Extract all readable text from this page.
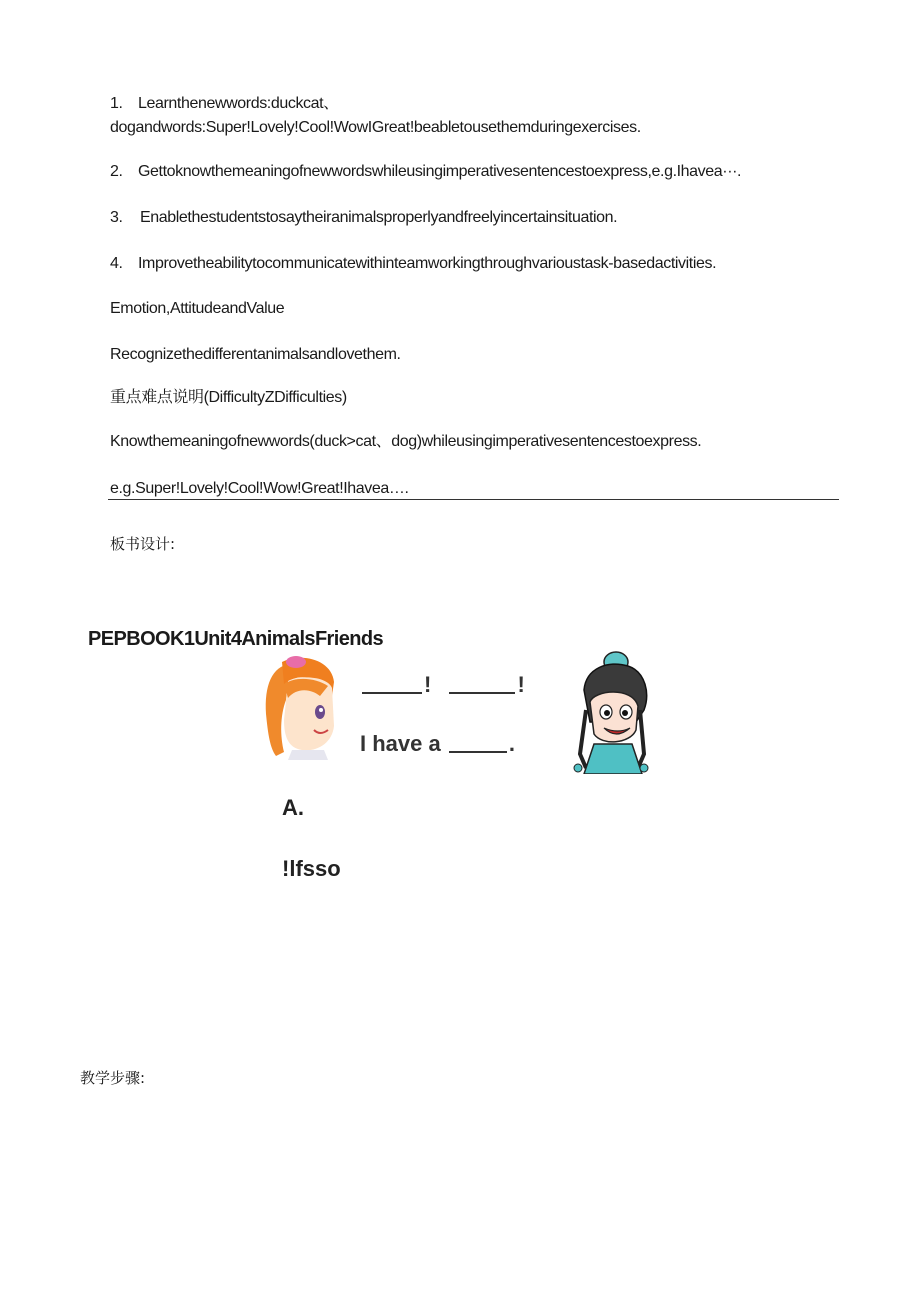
1. Learnthenewwords:duckcat、
dogandwords:Super!Lovely!Cool!WowIGreat!beabletousethemduringexercises.
2. Gettoknowthemeaningofnewwordswhileusingimperativesentencestoexpress,e.g.Ihavea···.
3. Enablethestudentstosaytheiranimalsproperlyandfreelyincertainsituation.
4. Improvetheabilitytocommunicatewithinteamworkingthroughvarioustask-basedactivities.
Emotion,AttitudeandValue
Recognizethedifferentanimalsandlovethem.
重点难点说明(DifficultyZDifficulties)
Knowthemeaningofnewwords(duck>cat、dog)whileusingimperativesentencestoexpress.
e.g.Super!Lovely!Cool!Wow!Great!Ihavea….
板书设计:
PEPBOOK1Unit4AnimalsFriends
!	!
I have a	.
A.
!lfsso
教学步骤:
